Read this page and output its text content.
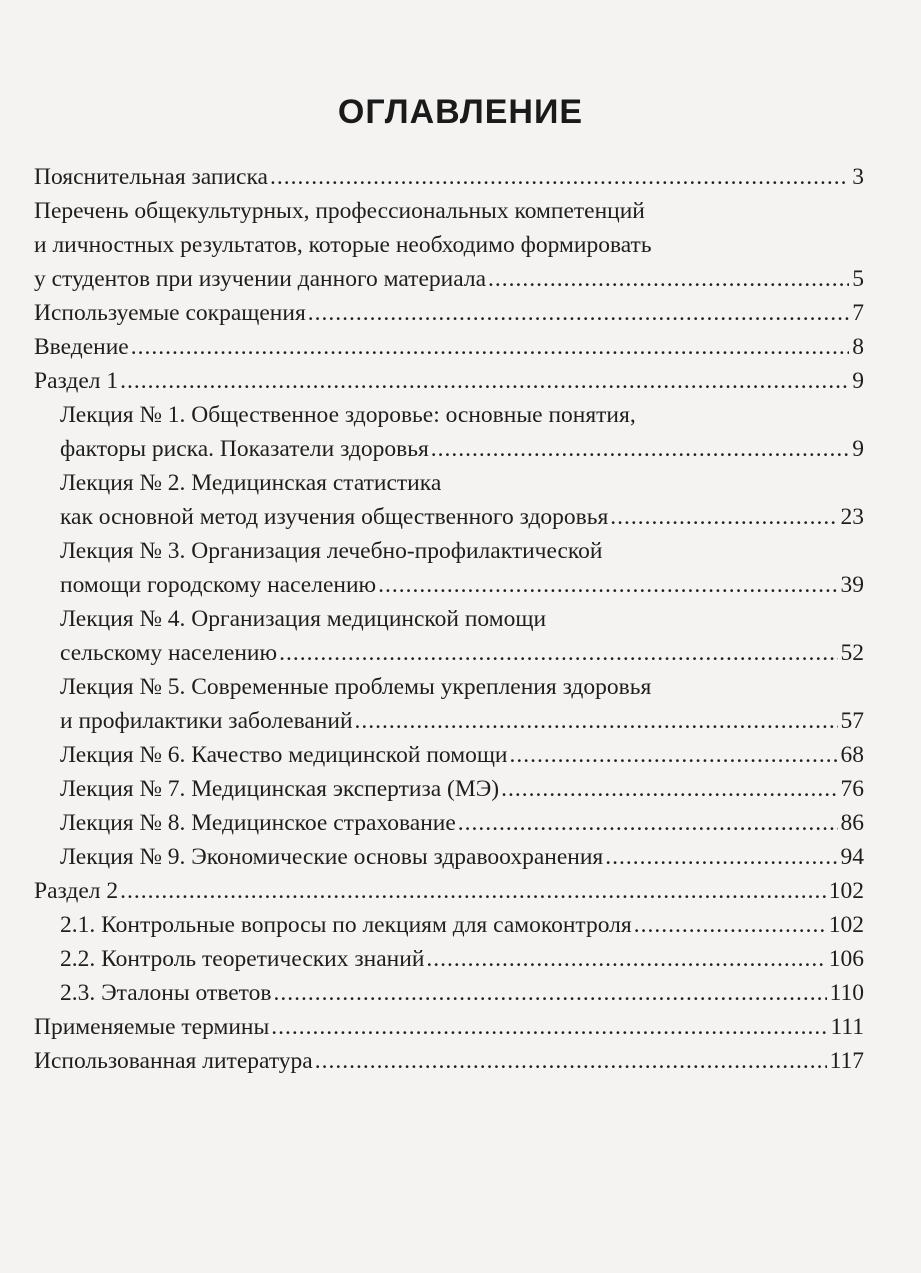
ОГЛАВЛЕНИЕ
Пояснительная записка .....	3
Перечень общекультурных, профессиональных компетенций
и личностных результатов, которые необходимо формировать
у студентов при изучении данного материала .....	5
Используемые сокращения .....	7
Введение .....	8
Раздел 1 .....	9
Лекция № 1. Общественное здоровье: основные понятия,
факторы риска. Показатели здоровья .....	9
Лекция № 2. Медицинская статистика
как основной метод изучения общественного здоровья .....	23
Лекция № 3. Организация лечебно-профилактической
помощи городскому населению .....	39
Лекция № 4. Организация медицинской помощи
сельскому населению .....	52
Лекция № 5. Современные проблемы укрепления здоровья
и профилактики заболеваний .....	57
Лекция № 6. Качество медицинской помощи .....	68
Лекция № 7. Медицинская экспертиза (МЭ) .....	76
Лекция № 8. Медицинское страхование .....	86
Лекция № 9. Экономические основы здравоохранения .....	94
Раздел 2 .....	102
2.1. Контрольные вопросы по лекциям для самоконтроля .....	102
2.2. Контроль теоретических знаний .....	106
2.3. Эталоны ответов .....	110
Применяемые термины .....	111
Использованная литература .....	117
